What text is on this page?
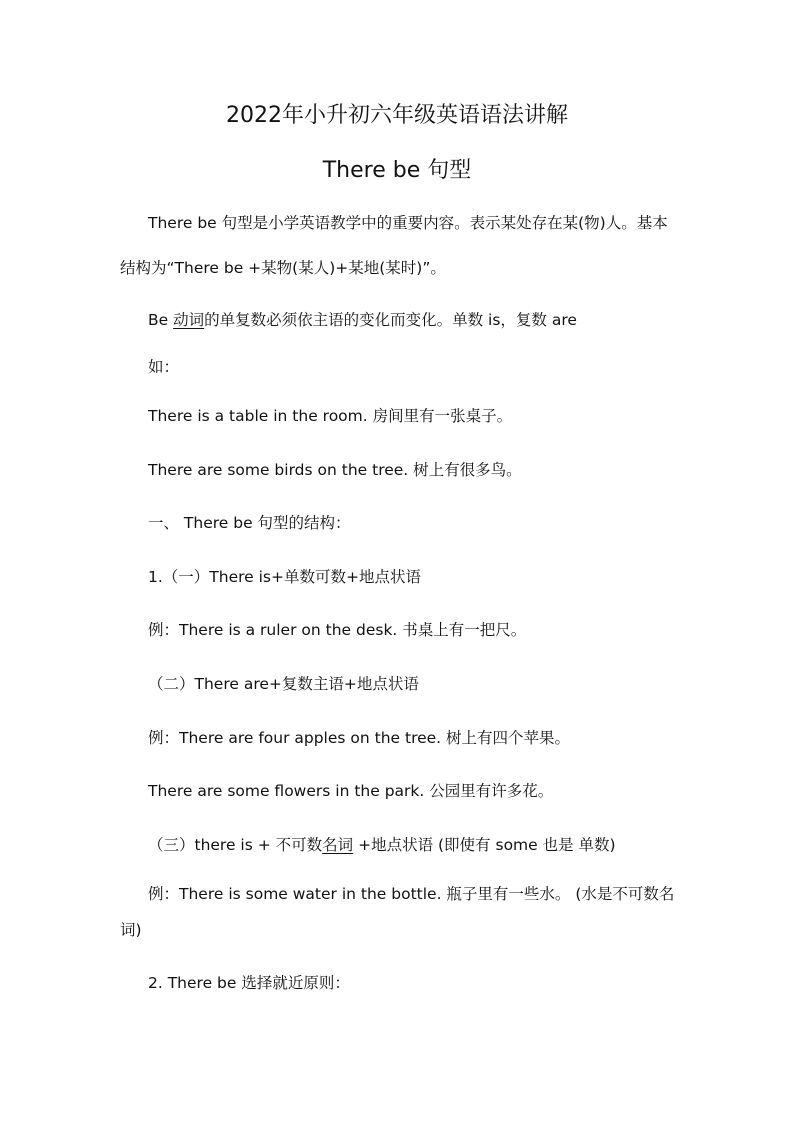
2022年小升初六年级英语语法讲解
There be 句型
There be 句型是小学英语教学中的重要内容。表示某处存在某(物)人。基本
结构为“There be +某物(某人)+某地(某时)”。
Be 动词的单复数必须依主语的变化而变化。单数 is，复数 are
如：
There is a table in the room. 房间里有一张桌子。
There are some birds on the tree. 树上有很多鸟。
一、 There be 句型的结构：
1.（一）There is+单数可数+地点状语
例：There is a ruler on the desk. 书桌上有一把尺。
（二）There are+复数主语+地点状语
例：There are four apples on the tree. 树上有四个苹果。
There are some flowers in the park. 公园里有许多花。
（三）there is + 不可数名词 +地点状语 (即使有 some 也是 单数)
例：There is some water in the bottle. 瓶子里有一些水。 (水是不可数名
词)
2. There be 选择就近原则：
